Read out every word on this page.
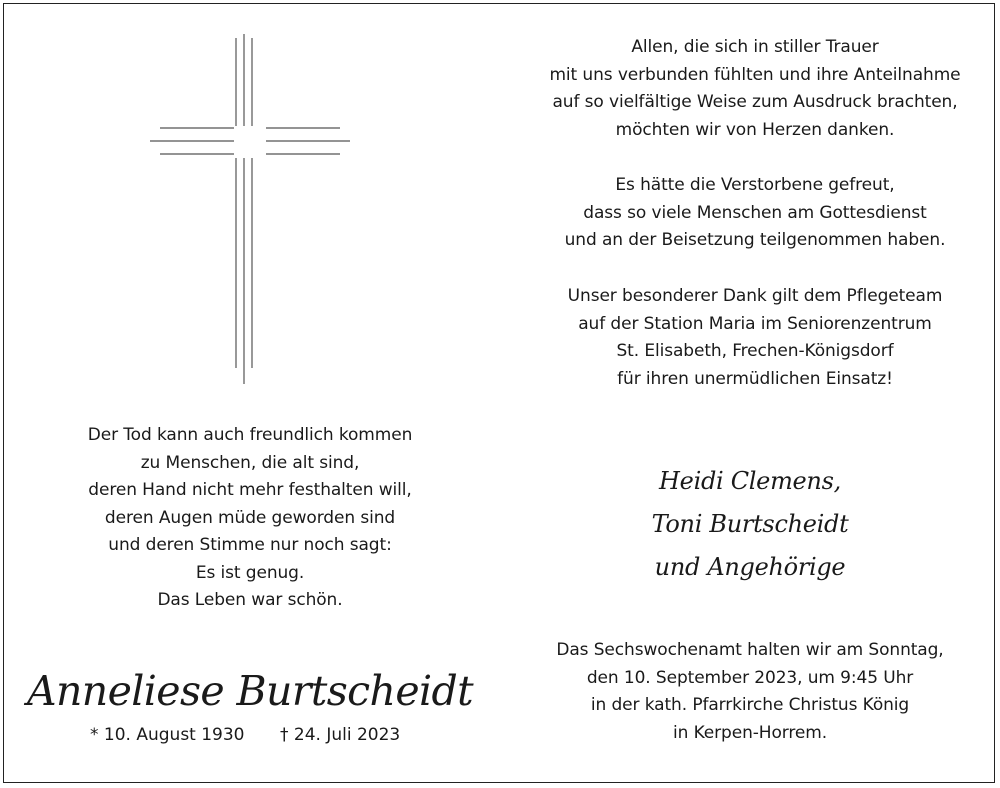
Allen, die sich in stiller Trauer
mit uns verbunden fühlten und ihre Anteilnahme
auf so vielfältige Weise zum Ausdruck brachten,
möchten wir von Herzen danken.
Es hätte die Verstorbene gefreut,
dass so viele Menschen am Gottesdienst
und an der Beisetzung teilgenommen haben.
Unser besonderer Dank gilt dem Pflegeteam
auf der Station Maria im Seniorenzentrum
St. Elisabeth, Frechen-Königsdorf
für ihren unermüdlichen Einsatz!
Der Tod kann auch freundlich kommen
zu Menschen, die alt sind,
deren Hand nicht mehr festhalten will,
deren Augen müde geworden sind
und deren Stimme nur noch sagt:
Es ist genug.
Das Leben war schön.
Heidi Clemens,
Toni Burtscheidt
und Angehörige
Anneliese Burtscheidt
* 10. August 1930 † 24. Juli 2023
Das Sechswochenamt halten wir am Sonntag,
den 10. September 2023, um 9:45 Uhr
in der kath. Pfarrkirche Christus König
in Kerpen-Horrem.
